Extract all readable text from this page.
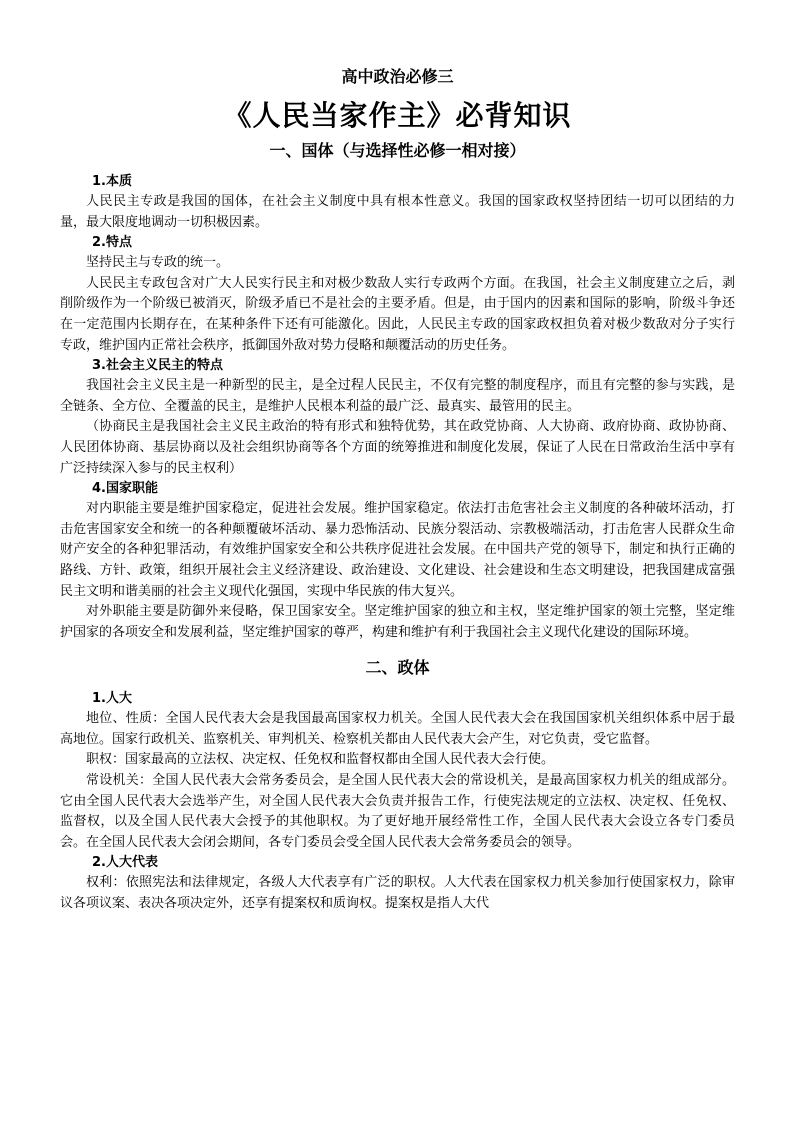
高中政治必修三
《人民当家作主》必背知识
一、国体（与选择性必修一相对接）
1.本质

人民民主专政是我国的国体，在社会主义制度中具有根本性意义。我国的国家政权坚持团结一切可以团结的力量，最大限度地调动一切积极因素。

2.特点

坚持民主与专政的统一。

人民民主专政包含对广大人民实行民主和对极少数敌人实行专政两个方面。在我国，社会主义制度建立之后，剥削阶级作为一个阶级已被消灭，阶级矛盾已不是社会的主要矛盾。但是，由于国内的因素和国际的影响，阶级斗争还在一定范围内长期存在，在某种条件下还有可能激化。因此，人民民主专政的国家政权担负着对极少数敌对分子实行专政，维护国内正常社会秩序，抵御国外敌对势力侵略和颠覆活动的历史任务。

3.社会主义民主的特点

我国社会主义民主是一种新型的民主，是全过程人民民主，不仅有完整的制度程序，而且有完整的参与实践，是全链条、全方位、全覆盖的民主，是维护人民根本利益的最广泛、最真实、最管用的民主。

（协商民主是我国社会主义民主政治的特有形式和独特优势，其在政党协商、人大协商、政府协商、政协协商、人民团体协商、基层协商以及社会组织协商等各个方面的统筹推进和制度化发展，保证了人民在日常政治生活中享有广泛持续深入参与的民主权利）

4.国家职能

对内职能主要是维护国家稳定，促进社会发展。维护国家稳定。依法打击危害社会主义制度的各种破坏活动，打击危害国家安全和统一的各种颠覆破坏活动、暴力恐怖活动、民族分裂活动、宗教极端活动，打击危害人民群众生命财产安全的各种犯罪活动，有效维护国家安全和公共秩序促进社会发展。在中国共产党的领导下，制定和执行正确的路线、方针、政策，组织开展社会主义经济建设、政治建设、文化建设、社会建设和生态文明建设，把我国建成富强民主文明和谐美丽的社会主义现代化强国，实现中华民族的伟大复兴。

对外职能主要是防御外来侵略，保卫国家安全。坚定维护国家的独立和主权，坚定维护国家的领土完整，坚定维护国家的各项安全和发展利益，坚定维护国家的尊严，构建和维护有利于我国社会主义现代化建设的国际环境。

二、政体
1.人大

地位、性质：全国人民代表大会是我国最高国家权力机关。全国人民代表大会在我国国家机关组织体系中居于最高地位。国家行政机关、监察机关、审判机关、检察机关都由人民代表大会产生，对它负责，受它监督。

职权：国家最高的立法权、决定权、任免权和监督权都由全国人民代表大会行使。

常设机关：全国人民代表大会常务委员会，是全国人民代表大会的常设机关，是最高国家权力机关的组成部分。它由全国人民代表大会选举产生，对全国人民代表大会负责并报告工作，行使宪法规定的立法权、决定权、任免权、监督权，以及全国人民代表大会授予的其他职权。为了更好地开展经常性工作，全国人民代表大会设立各专门委员会。在全国人民代表大会闭会期间，各专门委员会受全国人民代表大会常务委员会的领导。

2.人大代表

权利：依照宪法和法律规定，各级人大代表享有广泛的职权。人大代表在国家权力机关参加行使国家权力，除审议各项议案、表决各项决定外，还享有提案权和质询权。提案权是指人大代
